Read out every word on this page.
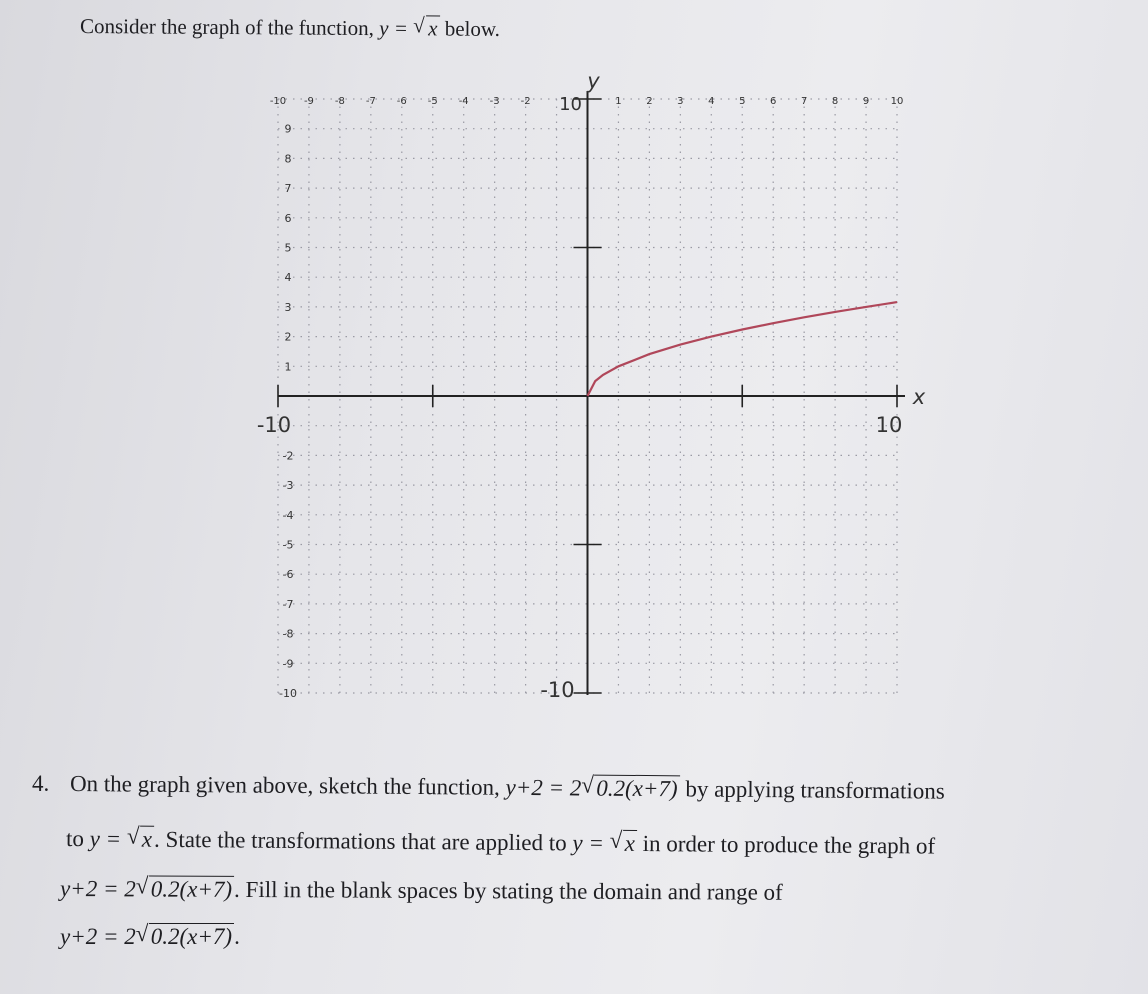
Consider the graph of the function, y = √ x below.
-10 -9 -8 -7 -6 -5 -4 -3 -2 10	1 2 3 4 5 6 7 8 9 10
9
8
7
6
5
4
3
2
1
-2
-3
-4
-5
-6
-7
-8
-9
-10
-10	10
-10
x
y
4. On the graph given above, sketch the function, y+2 = 2 √ 0.2(x+7) by applying transformations
to y = √ x. State the transformations that are applied to y = √ x in order to produce the graph of
y+2 = 2 √ 0.2(x+7). Fill in the blank spaces by stating the domain and range of
y+2 = 2 √ 0.2(x+7).
